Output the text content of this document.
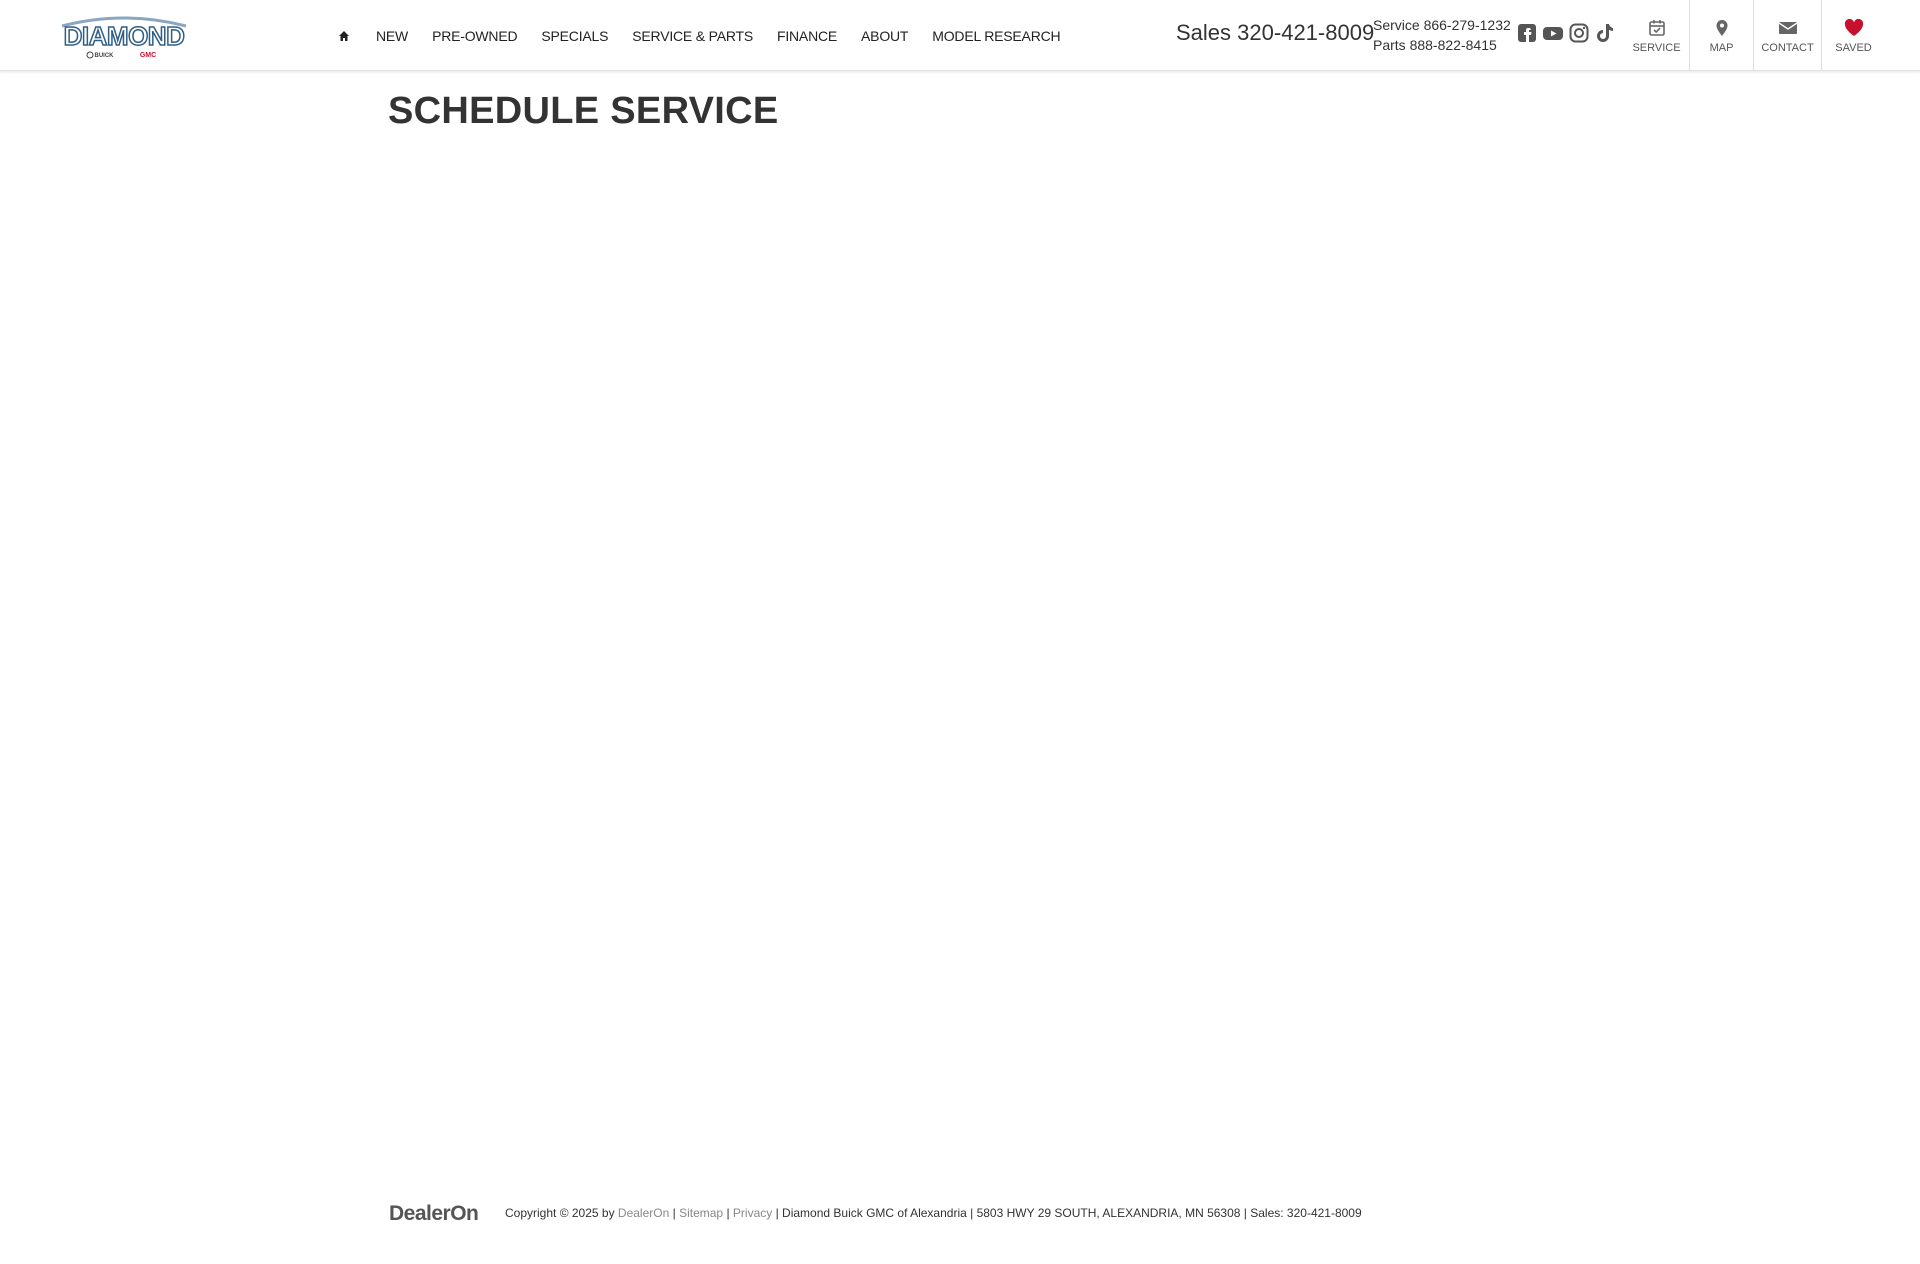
DIAMOND
BUICK	GMC
NEW PRE-OWNED SPECIALS SERVICE & PARTS FINANCE ABOUT MODEL RESEARCH	Sales 320-421-8009
Service 866-279-1232
Parts 888-822-8415	SERVICE	MAP	CONTACT SAVED
SCHEDULE SERVICE
DealerOn Copyright © 2025 by DealerOn | Sitemap | Privacy | Diamond Buick GMC of Alexandria | 5803 HWY 29 SOUTH, ALEXANDRIA, MN 56308 | Sales: 320-421-8009
